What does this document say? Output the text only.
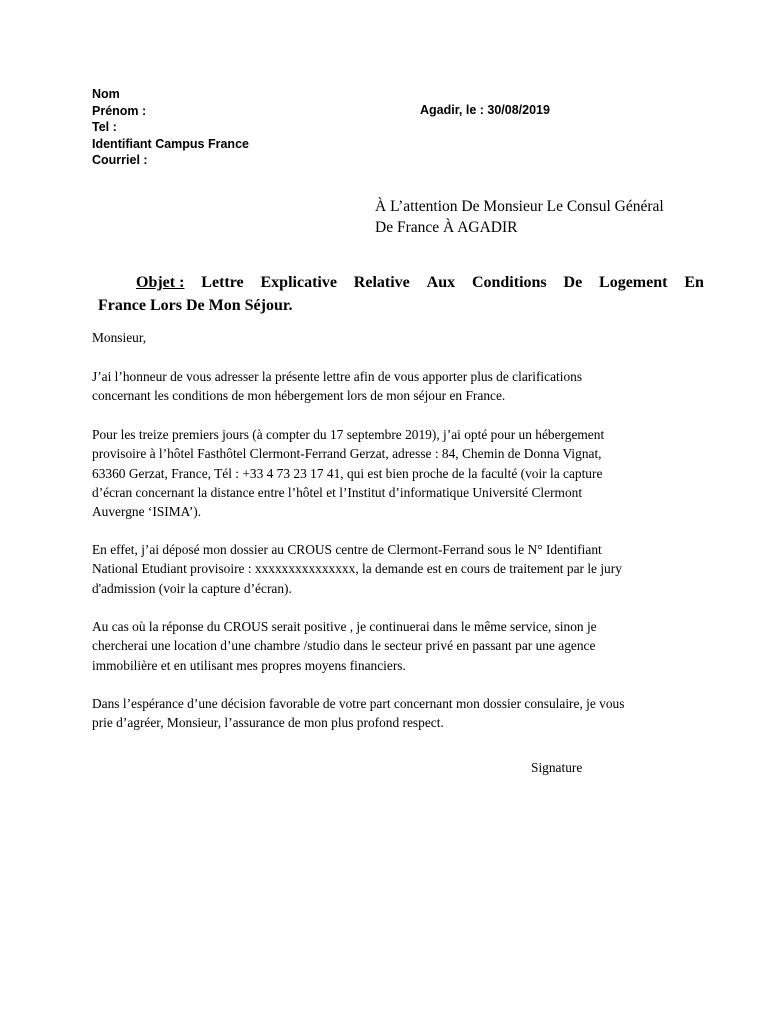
Nom
Prénom :
Tel :
Identifiant Campus France
Courriel :
Agadir, le : 30/08/2019
À L’attention De Monsieur Le Consul Général
De France À AGADIR
Objet : Lettre Explicative Relative Aux Conditions De Logement En
France Lors De Mon Séjour.

Monsieur,

J’ai l’honneur de vous adresser la présente lettre afin de vous apporter plus de clarifications
concernant les conditions de mon hébergement lors de mon séjour en France.

Pour les treize premiers jours (à compter du 17 septembre 2019), j’ai opté pour un hébergement
provisoire à l’hôtel Fasthôtel Clermont-Ferrand Gerzat, adresse : 84, Chemin de Donna Vignat,
63360 Gerzat, France, Tél : +33 4 73 23 17 41, qui est bien proche de la faculté (voir la capture
d’écran concernant la distance entre l’hôtel et l’Institut d’informatique Université Clermont
Auvergne ‘ISIMA’).

En effet, j’ai déposé mon dossier au CROUS centre de Clermont-Ferrand sous le N° Identifiant
National Etudiant provisoire : xxxxxxxxxxxxxxx, la demande est en cours de traitement par le jury
d'admission (voir la capture d’écran).

Au cas où la réponse du CROUS serait positive , je continuerai dans le même service, sinon je
chercherai une location d’une chambre /studio dans le secteur privé en passant par une agence
immobilière et en utilisant mes propres moyens financiers.

Dans l’espérance d’une décision favorable de votre part concernant mon dossier consulaire, je vous
prie d’agréer, Monsieur, l’assurance de mon plus profond respect.

Signature
